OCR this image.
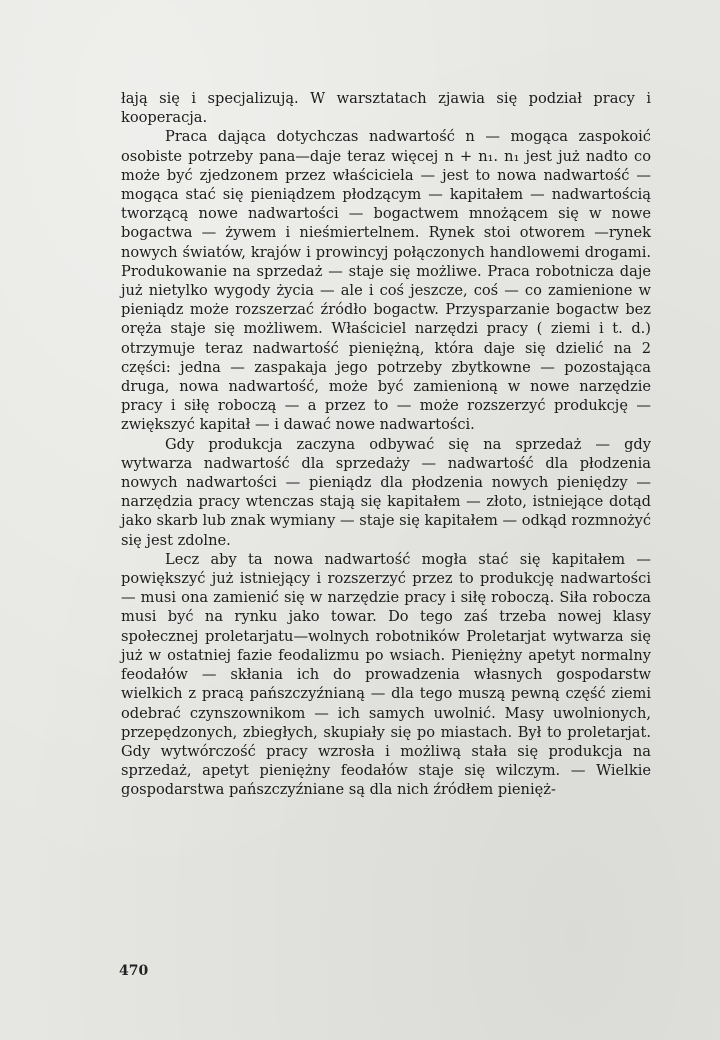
łają się i specjalizują. W warsztatach zjawia się podział pracy i kooperacja.

Praca dająca dotychczas nadwartość n — mogąca zaspokoić osobiste potrzeby pana—daje teraz więcej n + n₁. n₁ jest już nadto co może być zjedzonem przez właściciela — jest to nowa nadwartość — mogąca stać się pieniądzem płodzącym — kapitałem — nadwartością tworzącą nowe nadwartości — bogactwem mnożącem się w nowe bogactwa — żywem i nieśmiertelnem. Rynek stoi otworem —rynek nowych światów, krajów i prowincyj połączonych handlowemi drogami. Produkowanie na sprzedaż — staje się możliwe. Praca robotnicza daje już nietylko wygody życia — ale i coś jeszcze, coś — co zamienione w pieniądz może rozszerzać źródło bogactw. Przysparzanie bogactw bez oręża staje się możliwem. Właściciel narzędzi pracy ( ziemi i t. d.) otrzymuje teraz nadwartość pieniężną, która daje się dzielić na 2 części: jedna — zaspakaja jego potrzeby zbytkowne — pozostająca druga, nowa nadwartość, może być zamienioną w nowe narzędzie pracy i siłę roboczą — a przez to — może rozszerzyć produkcję — zwiększyć kapitał — i dawać nowe nadwartości.

Gdy produkcja zaczyna odbywać się na sprzedaż — gdy wytwarza nadwartość dla sprzedaży — nadwartość dla płodzenia nowych nadwartości — pieniądz dla płodzenia nowych pieniędzy — narzędzia pracy wtenczas stają się kapitałem — złoto, istniejące dotąd jako skarb lub znak wymiany — staje się kapitałem — odkąd rozmnożyć się jest zdolne.

Lecz aby ta nowa nadwartość mogła stać się kapitałem — powiększyć już istniejący i rozszerzyć przez to produkcję nadwartości — musi ona zamienić się w narzędzie pracy i siłę roboczą. Siła robocza musi być na rynku jako towar. Do tego zaś trzeba nowej klasy społecznej proletarjatu—wolnych robotników Proletarjat wytwarza się już w ostatniej fazie feodalizmu po wsiach. Pieniężny apetyt normalny feodałów — skłania ich do prowadzenia własnych gospodarstw wielkich z pracą pańszczyźnianą — dla tego muszą pewną część ziemi odebrać czynszownikom — ich samych uwolnić. Masy uwolnionych, przepędzonych, zbiegłych, skupiały się po miastach. Był to proletarjat. Gdy wytwórczość pracy wzrosła i możliwą stała się produkcja na sprzedaż, apetyt pieniężny feodałów staje się wilczym. — Wielkie gospodarstwa pańszczyźniane są dla nich źródłem pienięż-

470
